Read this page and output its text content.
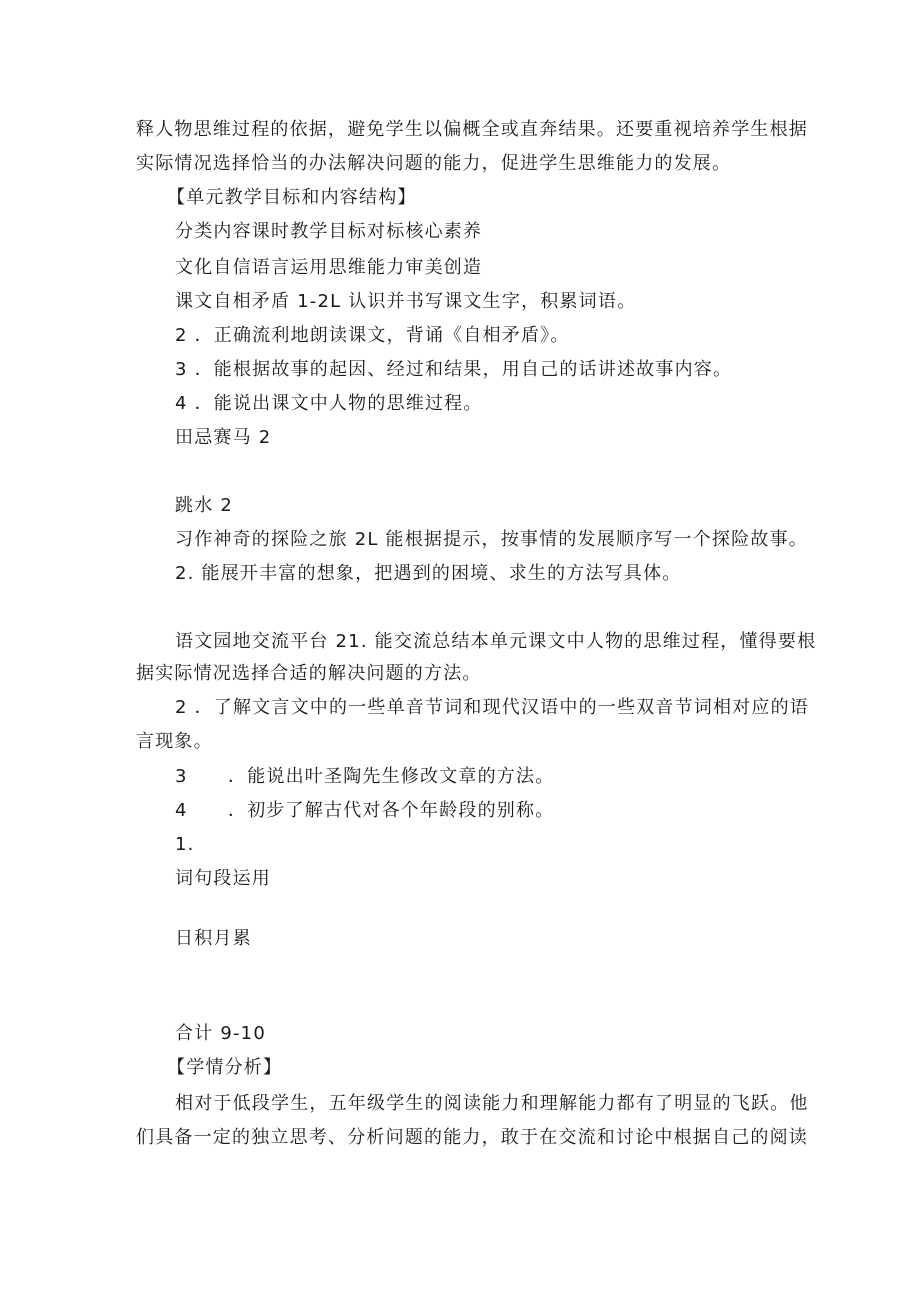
释人物思维过程的依据，避免学生以偏概全或直奔结果。还要重视培养学生根据
实际情况选择恰当的办法解决问题的能力，促进学生思维能力的发展。
【单元教学目标和内容结构】
分类内容课时教学目标对标核心素养
文化自信语言运用思维能力审美创造
课文自相矛盾 1-2L 认识并书写课文生字，积累词语。
2 ．正确流利地朗读课文，背诵《自相矛盾》。
3 ．能根据故事的起因、经过和结果，用自己的话讲述故事内容。
4 ．能说出课文中人物的思维过程。
田忌赛马 2
跳水 2
习作神奇的探险之旅 2L 能根据提示，按事情的发展顺序写一个探险故事。
2. 能展开丰富的想象，把遇到的困境、求生的方法写具体。
语文园地交流平台 21. 能交流总结本单元课文中人物的思维过程，懂得要根
据实际情况选择合适的解决问题的方法。
2 ．了解文言文中的一些单音节词和现代汉语中的一些双音节词相对应的语
言现象。
3 ．能说出叶圣陶先生修改文章的方法。
4 ．初步了解古代对各个年龄段的别称。
1.
词句段运用
日积月累
合计 9-10
【学情分析】
相对于低段学生，五年级学生的阅读能力和理解能力都有了明显的飞跃。他
们具备一定的独立思考、分析问题的能力，敢于在交流和讨论中根据自己的阅读
